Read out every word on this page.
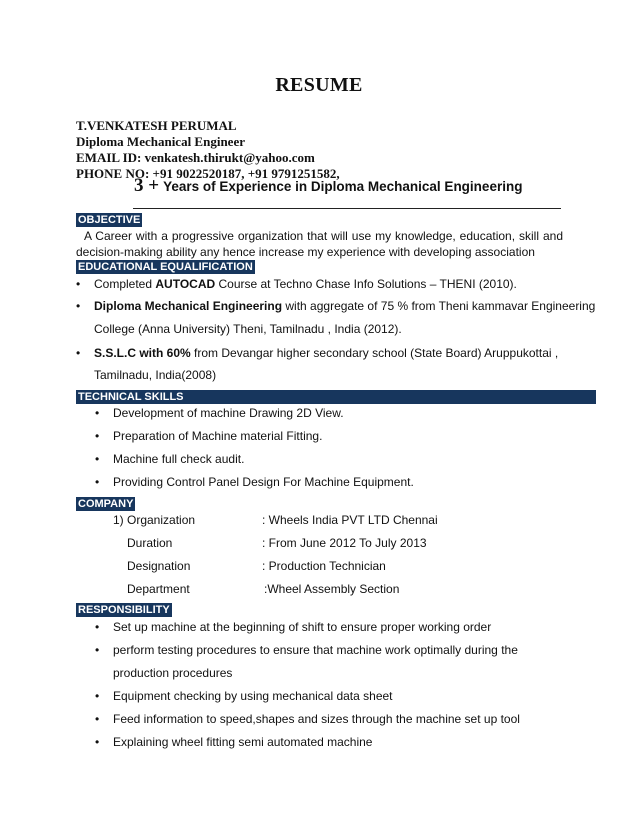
RESUME
T.VENKATESH PERUMAL
Diploma Mechanical Engineer
EMAIL ID: venkatesh.thirukt@yahoo.com
PHONE NO: +91 9022520187, +91 9791251582,
3 + Years of Experience in Diploma Mechanical Engineering
OBJECTIVE
A Career with a progressive organization that will use my knowledge, education, skill and decision-making ability any hence increase my experience with developing association
EDUCATIONAL EQUALIFICATION
• Completed AUTOCAD Course at Techno Chase Info Solutions – THENI (2010).
• Diploma Mechanical Engineering with aggregate of 75 % from Theni kammavar Engineering
College (Anna University) Theni, Tamilnadu , India (2012).
• S.S.L.C with 60% from Devangar higher secondary school (State Board) Aruppukottai ,
Tamilnadu, India(2008)
TECHNICAL SKILLS
• Development of machine Drawing 2D View.
• Preparation of Machine material Fitting.
• Machine full check audit.
• Providing Control Panel Design For Machine Equipment.
COMPANY
1) Organization	: Wheels India PVT LTD Chennai
Duration	: From June 2012 To July 2013
Designation	: Production Technician
Department	:Wheel Assembly Section
RESPONSIBILITY
• Set up machine at the beginning of shift to ensure proper working order
• perform testing procedures to ensure that machine work optimally during the
production procedures
• Equipment checking by using mechanical data sheet
• Feed information to speed,shapes and sizes through the machine set up tool
• Explaining wheel fitting semi automated machine
